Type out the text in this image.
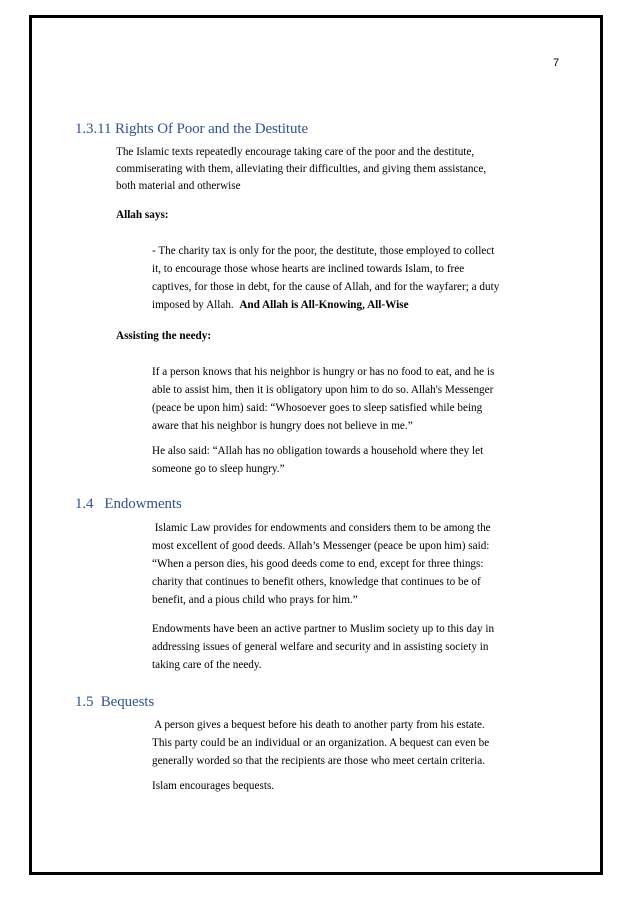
7
1.3.11 Rights Of Poor and the Destitute
The Islamic texts repeatedly encourage taking care of the poor and the destitute,
commiserating with them, alleviating their difficulties, and giving them assistance,
both material and otherwise
Allah says:
- The charity tax is only for the poor, the destitute, those employed to collect
it, to encourage those whose hearts are inclined towards Islam, to free
captives, for those in debt, for the cause of Allah, and for the wayfarer; a duty
imposed by Allah. And Allah is All-Knowing, All-Wise
Assisting the needy:
If a person knows that his neighbor is hungry or has no food to eat, and he is
able to assist him, then it is obligatory upon him to do so. Allah's Messenger
(peace be upon him) said: “Whosoever goes to sleep satisfied while being
aware that his neighbor is hungry does not believe in me.”
He also said: “Allah has no obligation towards a household where they let
someone go to sleep hungry.”
1.4   Endowments
Islamic Law provides for endowments and considers them to be among the
most excellent of good deeds. Allah’s Messenger (peace be upon him) said:
“When a person dies, his good deeds come to end, except for three things:
charity that continues to benefit others, knowledge that continues to be of
benefit, and a pious child who prays for him.”
Endowments have been an active partner to Muslim society up to this day in
addressing issues of general welfare and security and in assisting society in
taking care of the needy.
1.5  Bequests
A person gives a bequest before his death to another party from his estate.
This party could be an individual or an organization. A bequest can even be
generally worded so that the recipients are those who meet certain criteria.
Islam encourages bequests.
